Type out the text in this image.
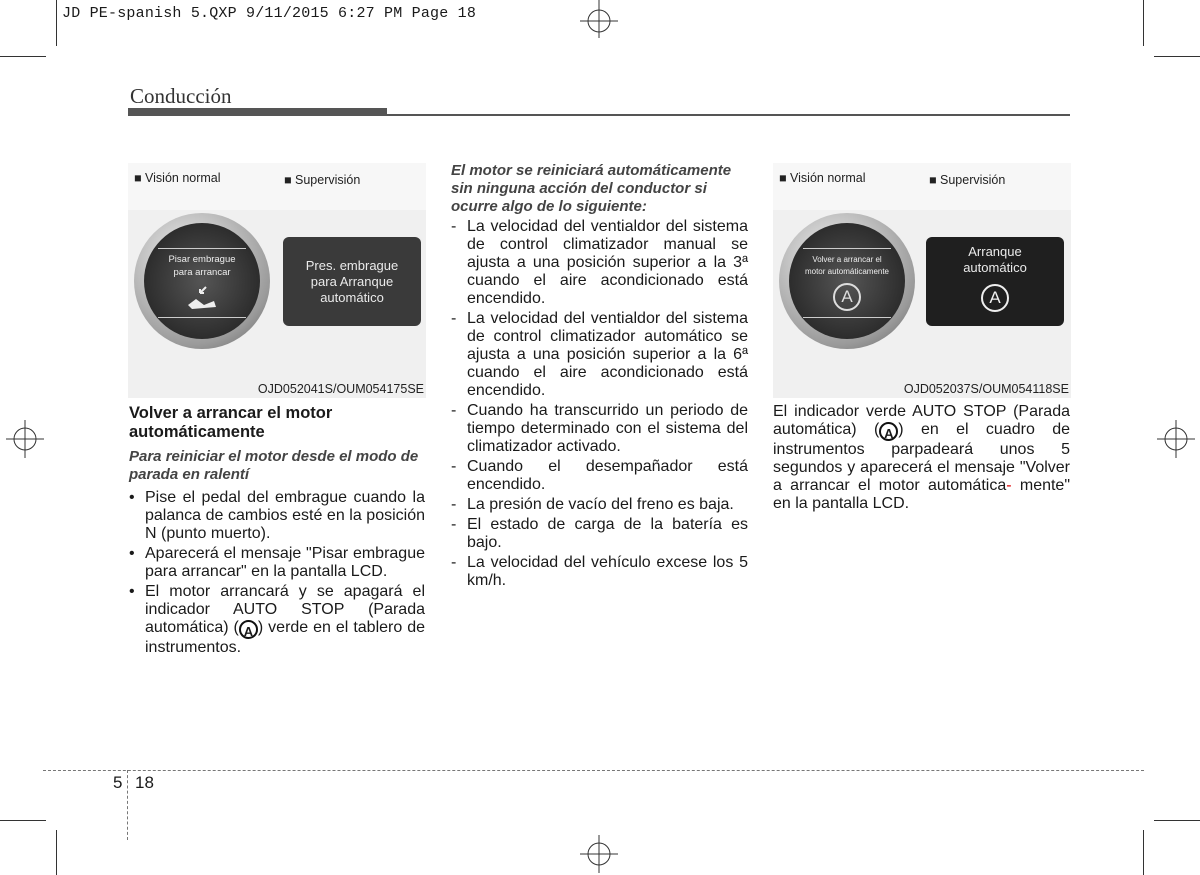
JD PE-spanish 5.QXP 9/11/2015 6:27 PM Page 18
Conducción
■ Visión normal	■ Supervisión
Pisar embrague
para arrancar	Pres. embrague
para Arranque
automático
OJD052041S/OUM054175SE
Volver a arrancar el motor automáticamente
Para reiniciar el motor desde el modo de parada en ralentí
• Pise el pedal del embrague cuando la palanca de cambios esté en la posición N (punto muerto).
• Aparecerá el mensaje "Pisar embrague para arrancar" en la pantalla LCD.
• El motor arrancará y se apagará el indicador AUTO STOP (Parada automática) ( A ) verde en el tablero de instrumentos.
El motor se reiniciará automáticamente sin ninguna acción del conductor si ocurre algo de lo siguiente:
- La velocidad del ventialdor del sistema de control climatizador manual se ajusta a una posición superior a la 3ª cuando el aire acondicionado está encendido.
- La velocidad del ventialdor del sistema de control climatizador automático se ajusta a una posición superior a la 6ª cuando el aire acondicionado está encendido.
- Cuando ha transcurrido un periodo de tiempo determinado con el sistema del climatizador activado.
- Cuando el desempañador está encendido.
- La presión de vacío del freno es baja.
- El estado de carga de la batería es bajo.
- La velocidad del vehículo excese los 5 km/h.
■ Visión normal	■ Supervisión
Volver a arrancar el
motor automáticamente
A
Arranque
automático
A
OJD052037S/OUM054118SE
El indicador verde AUTO STOP (Parada automática) ( A ) en el cuadro de instrumentos parpadeará unos 5 segundos y aparecerá el mensaje "Volver a arrancar el motor automática- mente" en la pantalla LCD.
5 18
